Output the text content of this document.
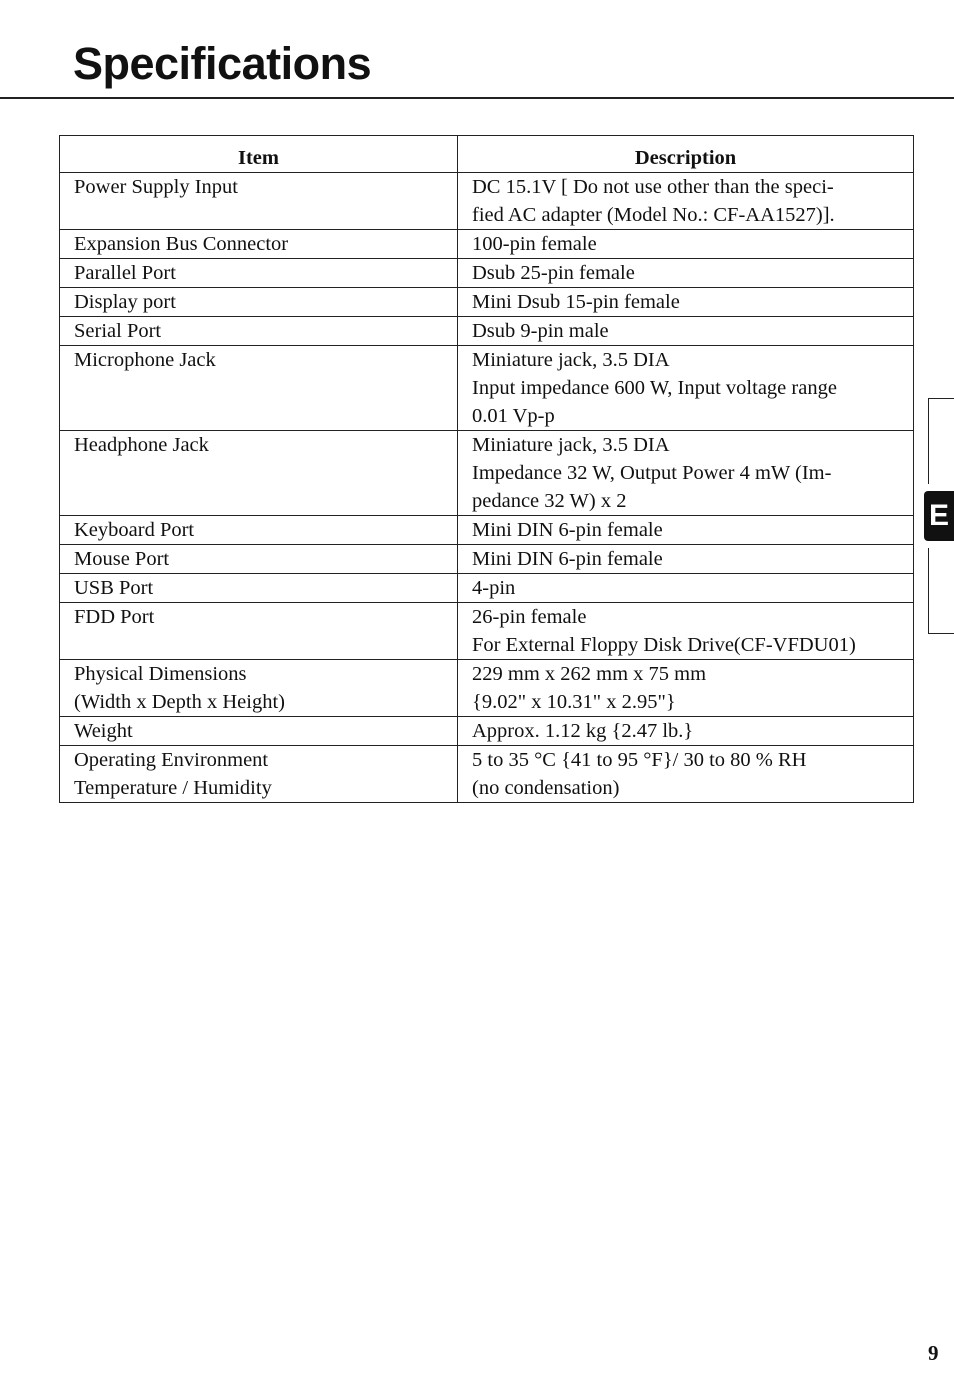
Specifications
Item	Description
Power Supply Input	DC 15.1V [ Do not use other than the speci-
fied AC adapter (Model No.: CF-AA1527)].
Expansion Bus Connector	100-pin female
Parallel Port	Dsub 25-pin female
Display port	Mini Dsub 15-pin female
Serial Port	Dsub 9-pin male
Microphone Jack	Miniature jack, 3.5 DIA
Input impedance 600 W, Input voltage range
0.01 Vp-p
Headphone Jack	Miniature jack, 3.5 DIA
Impedance 32 W, Output Power 4 mW (Im-
pedance 32 W) x 2
Keyboard Port	Mini DIN 6-pin female
Mouse Port	Mini DIN 6-pin female
USB Port	4-pin
FDD Port	26-pin female
For External Floppy Disk Drive(CF-VFDU01)
Physical Dimensions
(Width x Depth x Height)	229 mm x 262 mm x 75 mm
{9.02" x 10.31" x 2.95"}
Weight	Approx. 1.12 kg {2.47 lb.}
Operating Environment
Temperature / Humidity	5 to 35 °C {41 to 95 °F}/ 30 to 80 % RH
(no condensation)
E
9
